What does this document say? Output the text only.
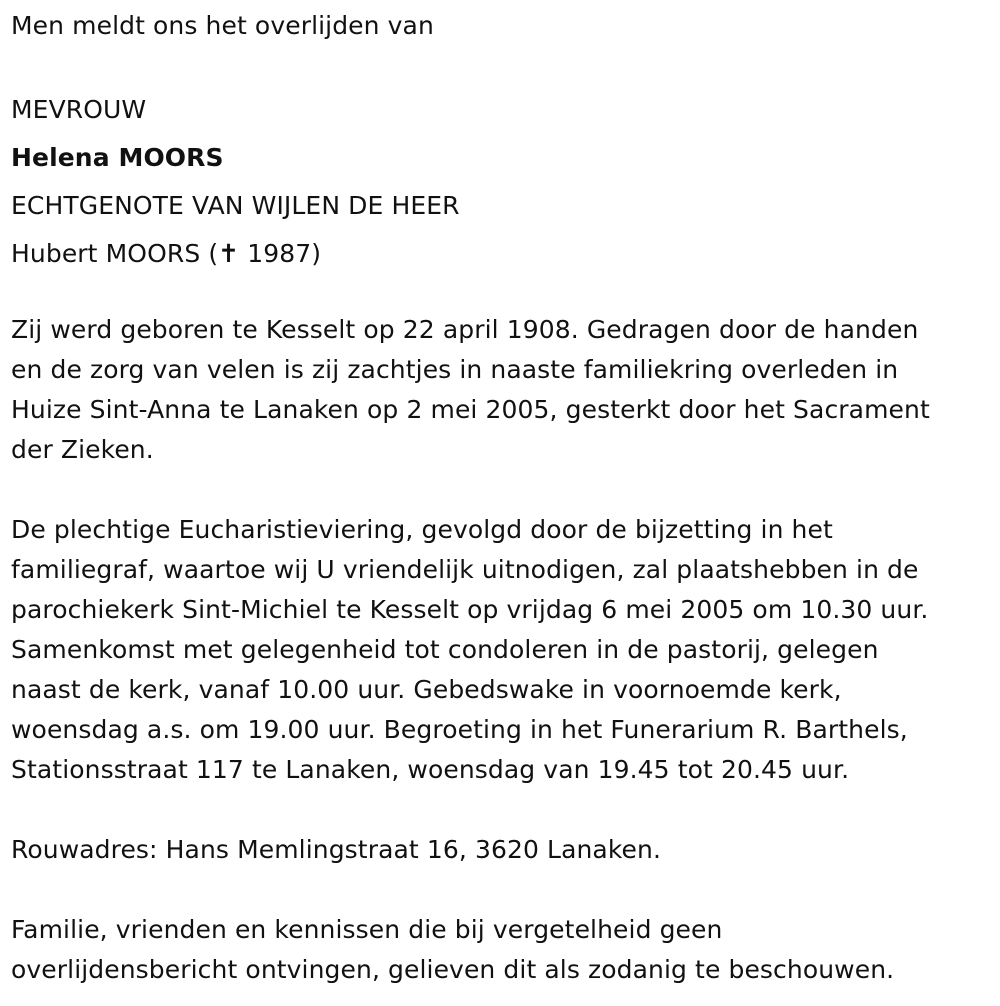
Men meldt ons het overlijden van

MEVROUW

Helena MOORS

ECHTGENOTE VAN WIJLEN DE HEER

Hubert MOORS (✝ 1987)

Zij werd geboren te Kesselt op 22 april 1908. Gedragen door de handen

en de zorg van velen is zij zachtjes in naaste familiekring overleden in

Huize Sint-Anna te Lanaken op 2 mei 2005, gesterkt door het Sacrament

der Zieken.

De plechtige Eucharistieviering, gevolgd door de bijzetting in het

familiegraf, waartoe wij U vriendelijk uitnodigen, zal plaatshebben in de

parochiekerk Sint-Michiel te Kesselt op vrijdag 6 mei 2005 om 10.30 uur.

Samenkomst met gelegenheid tot condoleren in de pastorij, gelegen

naast de kerk, vanaf 10.00 uur. Gebedswake in voornoemde kerk,

woensdag a.s. om 19.00 uur. Begroeting in het Funerarium R. Barthels,

Stationsstraat 117 te Lanaken, woensdag van 19.45 tot 20.45 uur.

Rouwadres: Hans Memlingstraat 16, 3620 Lanaken.

Familie, vrienden en kennissen die bij vergetelheid geen

overlijdensbericht ontvingen, gelieven dit als zodanig te beschouwen.
